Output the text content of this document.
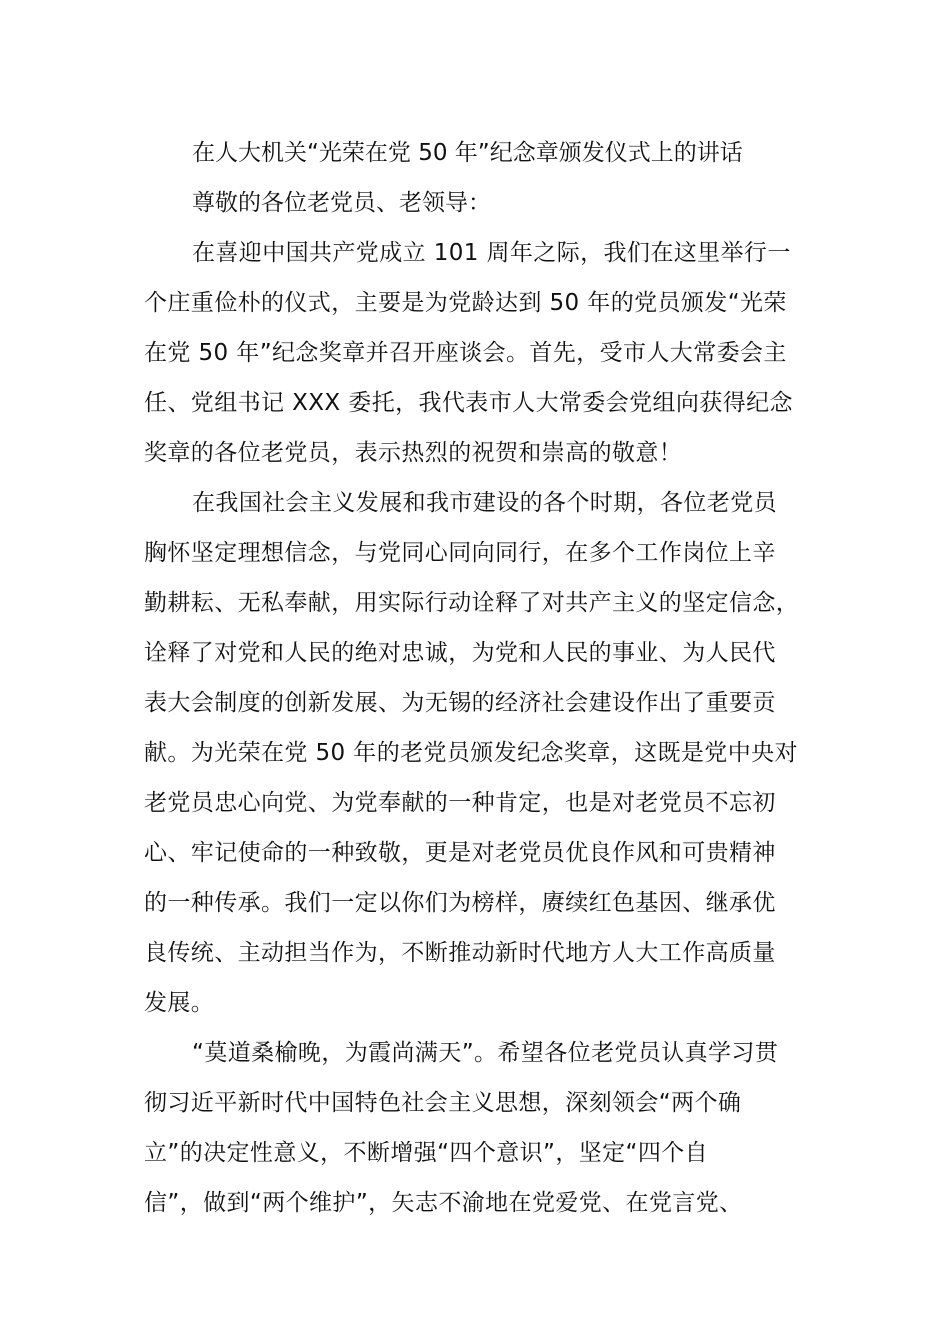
在人大机关“光荣在党 50 年”纪念章颁发仪式上的讲话

尊敬的各位老党员、老领导：

在喜迎中国共产党成立 101 周年之际，我们在这里举行一
个庄重俭朴的仪式，主要是为党龄达到 50 年的党员颁发“光荣
在党 50 年”纪念奖章并召开座谈会。首先，受市人大常委会主
任、党组书记 XXX 委托，我代表市人大常委会党组向获得纪念
奖章的各位老党员，表示热烈的祝贺和崇高的敬意！
在我国社会主义发展和我市建设的各个时期，各位老党员
胸怀坚定理想信念，与党同心同向同行，在多个工作岗位上辛
勤耕耘、无私奉献，用实际行动诠释了对共产主义的坚定信念，
诠释了对党和人民的绝对忠诚，为党和人民的事业、为人民代
表大会制度的创新发展、为无锡的经济社会建设作出了重要贡
献。为光荣在党 50 年的老党员颁发纪念奖章，这既是党中央对
老党员忠心向党、为党奉献的一种肯定，也是对老党员不忘初
心、牢记使命的一种致敬，更是对老党员优良作风和可贵精神
的一种传承。我们一定以你们为榜样，赓续红色基因、继承优
良传统、主动担当作为，不断推动新时代地方人大工作高质量
发展。
“莫道桑榆晚，为霞尚满天”。希望各位老党员认真学习贯
彻习近平新时代中国特色社会主义思想，深刻领会“两个确
立”的决定性意义，不断增强“四个意识”，坚定“四个自
信”，做到“两个维护”，矢志不渝地在党爱党、在党言党、
